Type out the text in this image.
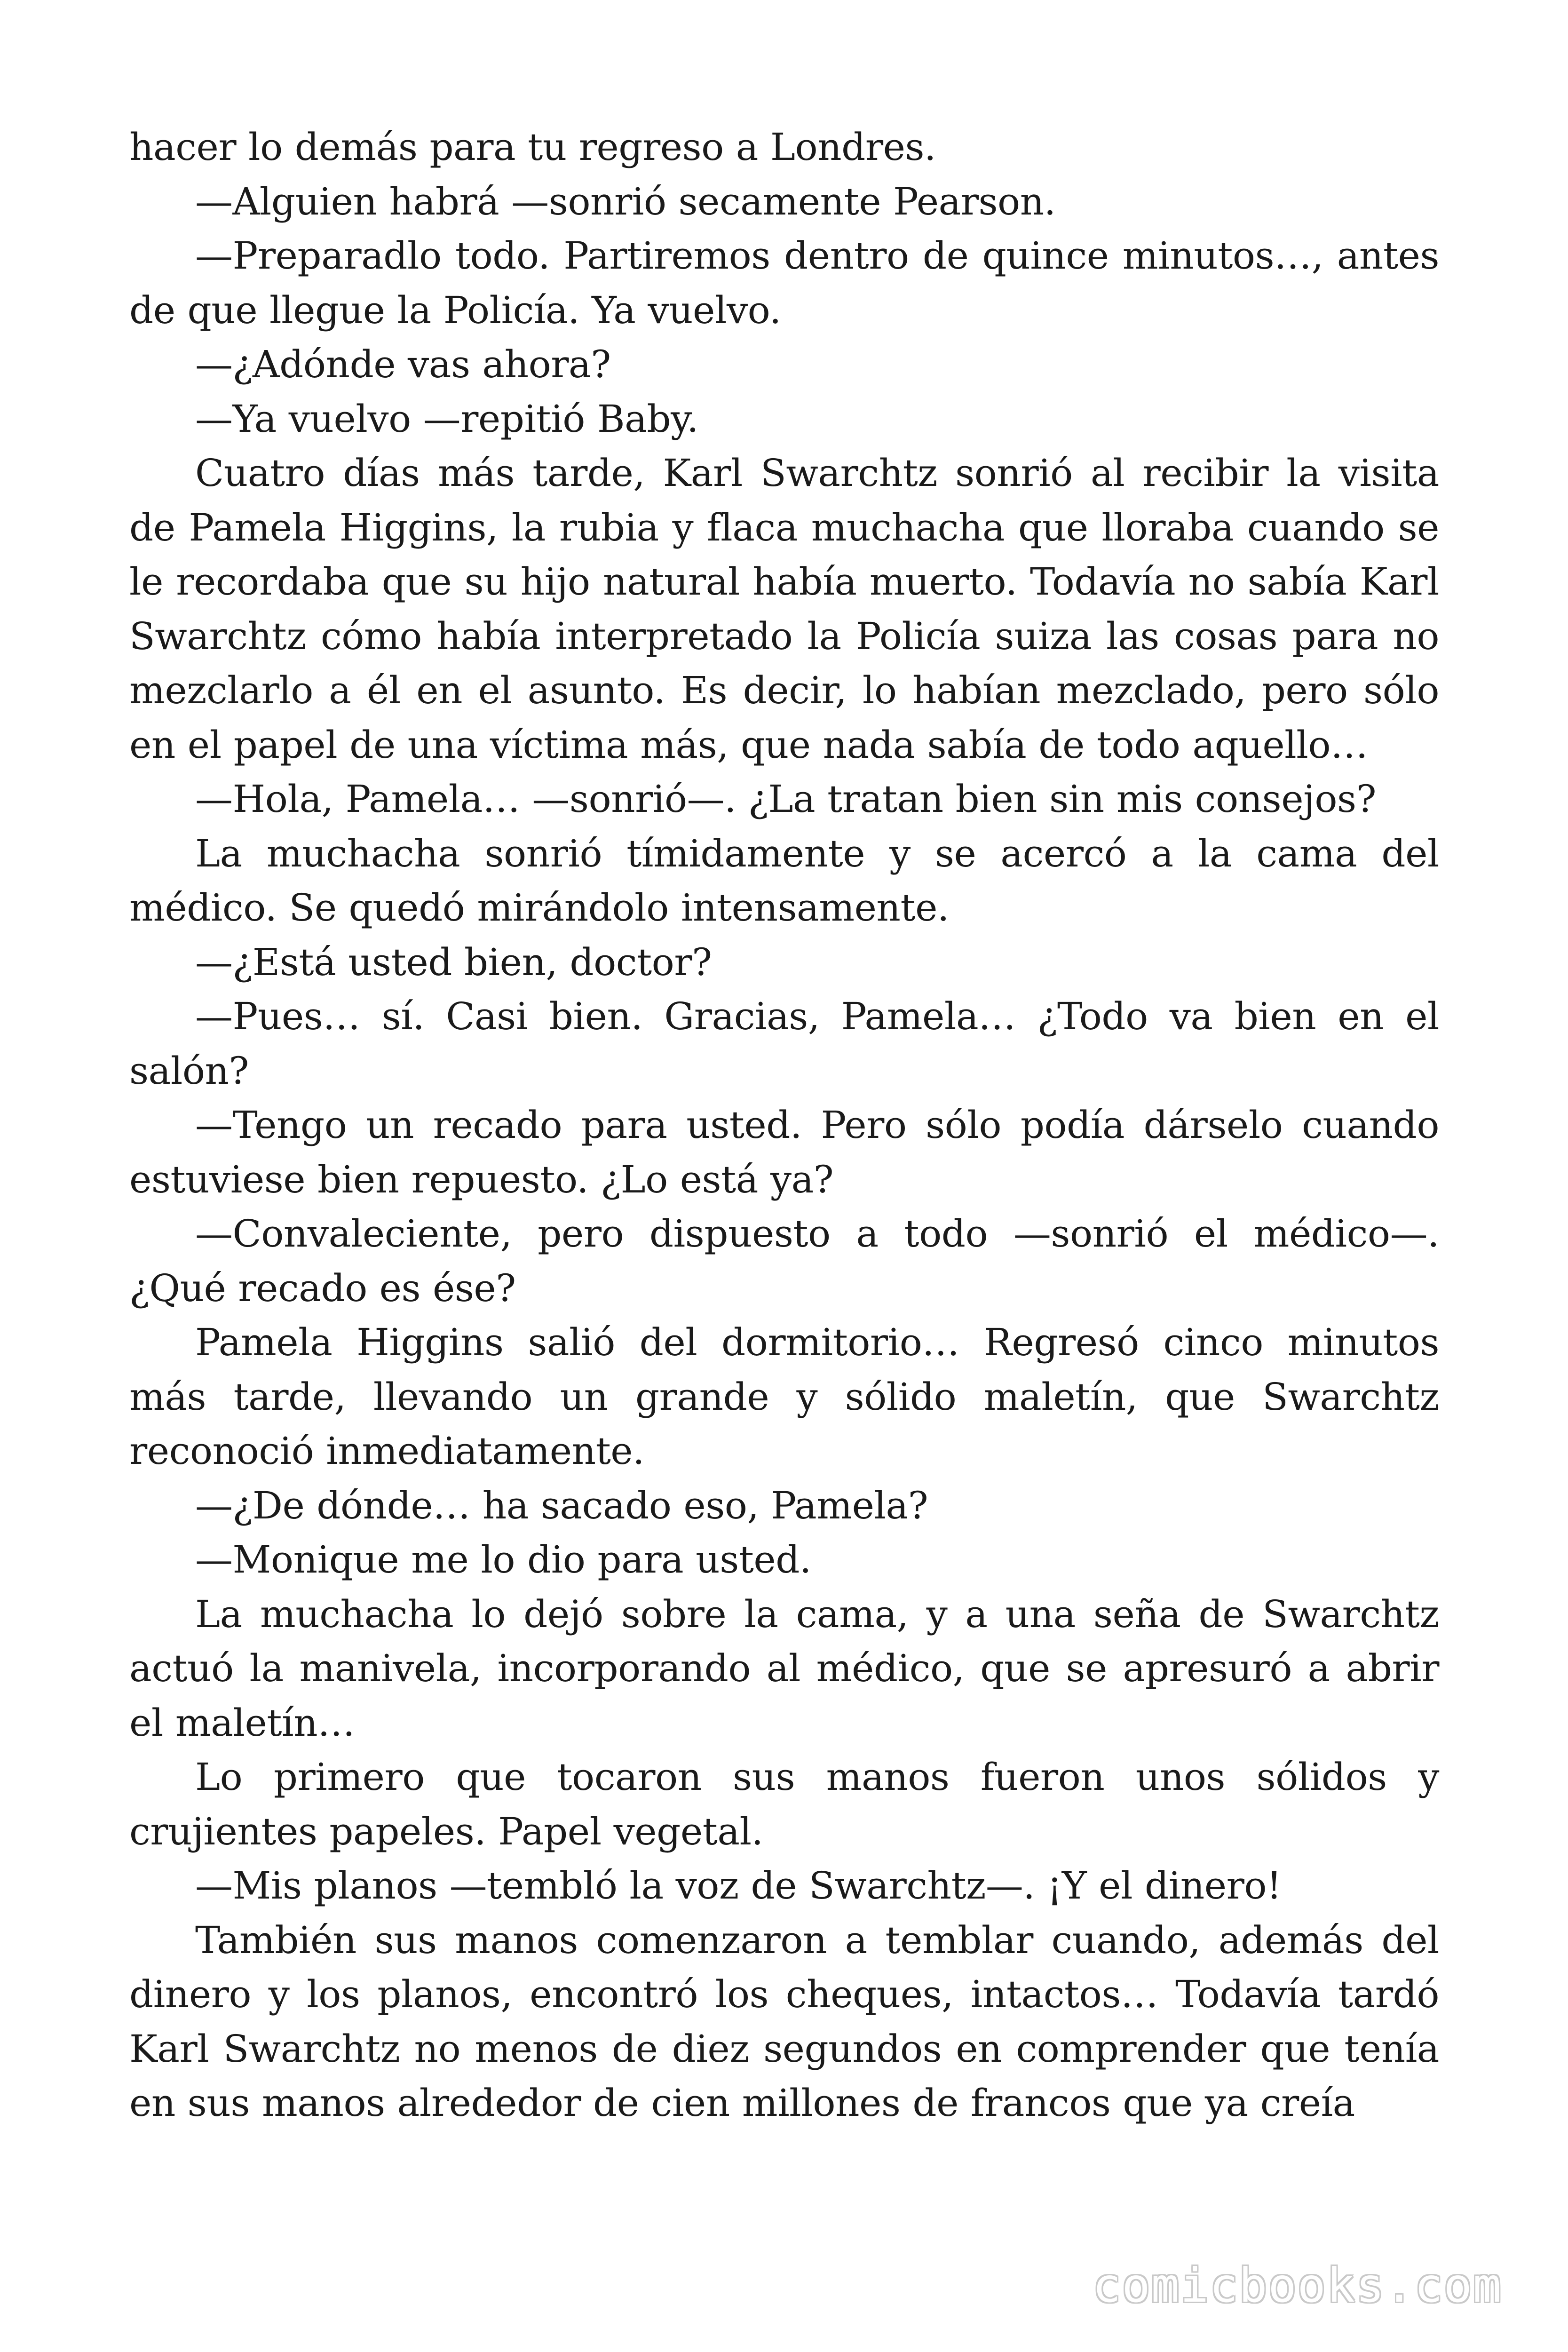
hacer lo demás para tu regreso a Londres.

—Alguien habrá —sonrió secamente Pearson.

—Preparadlo todo. Partiremos dentro de quince minutos…, antes de que llegue la Policía. Ya vuelvo.

—¿Adónde vas ahora?

—Ya vuelvo —repitió Baby.

Cuatro días más tarde, Karl Swarchtz sonrió al recibir la visita de Pamela Higgins, la rubia y flaca muchacha que lloraba cuando se le recordaba que su hijo natural había muerto. Todavía no sabía Karl Swarchtz cómo había interpretado la Policía suiza las cosas para no mezclarlo a él en el asunto. Es decir, lo habían mezclado, pero sólo en el papel de una víctima más, que nada sabía de todo aquello…

—Hola, Pamela… —sonrió—. ¿La tratan bien sin mis consejos?

La muchacha sonrió tímidamente y se acercó a la cama del médico. Se quedó mirándolo intensamente.

—¿Está usted bien, doctor?

—Pues… sí. Casi bien. Gracias, Pamela… ¿Todo va bien en el salón?

—Tengo un recado para usted. Pero sólo podía dárselo cuando estuviese bien repuesto. ¿Lo está ya?

—Convaleciente, pero dispuesto a todo —sonrió el médico—. ¿Qué recado es ése?

Pamela Higgins salió del dormitorio… Regresó cinco minutos más tarde, llevando un grande y sólido maletín, que Swarchtz reconoció inmediatamente.

—¿De dónde… ha sacado eso, Pamela?

—Monique me lo dio para usted.

La muchacha lo dejó sobre la cama, y a una seña de Swarchtz actuó la manivela, incorporando al médico, que se apresuró a abrir el maletín…

Lo primero que tocaron sus manos fueron unos sólidos y crujientes papeles. Papel vegetal.

—Mis planos —tembló la voz de Swarchtz—. ¡Y el dinero!

También sus manos comenzaron a temblar cuando, además del dinero y los planos, encontró los cheques, intactos… Todavía tardó Karl Swarchtz no menos de diez segundos en comprender que tenía en sus manos alrededor de cien millones de francos que ya creía

comicbooks.com
